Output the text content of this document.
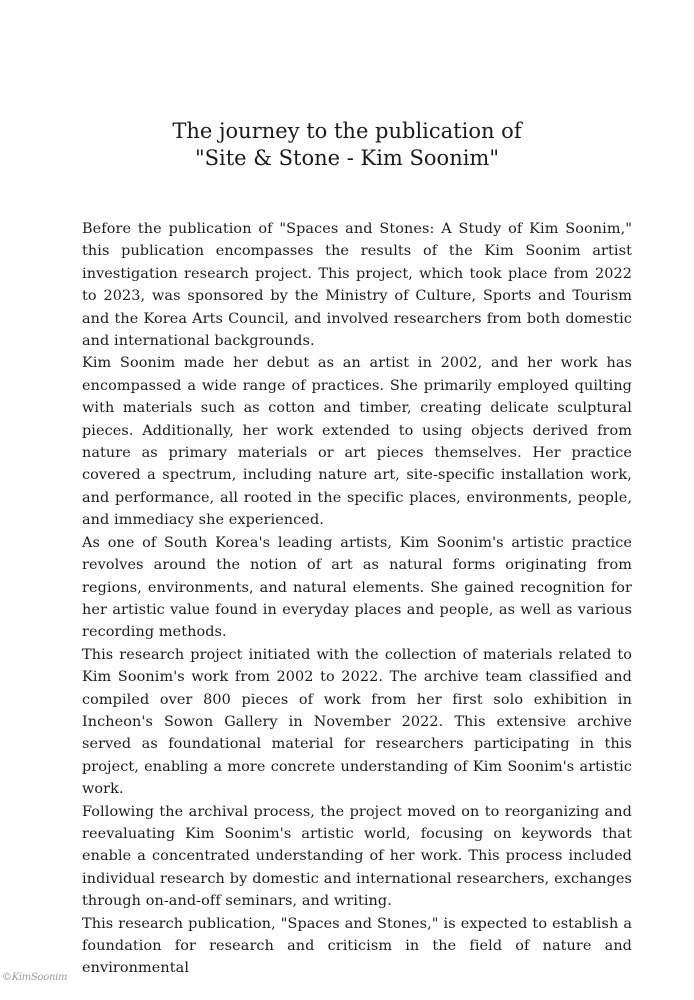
The journey to the publication of
"Site & Stone - Kim Soonim"

Before the publication of "Spaces and Stones: A Study of Kim Soonim," this publication encompasses the results of the Kim Soonim artist investigation research project. This project, which took place from 2022 to 2023, was sponsored by the Ministry of Culture, Sports and Tourism and the Korea Arts Council, and involved researchers from both domestic and international backgrounds.

Kim Soonim made her debut as an artist in 2002, and her work has encompassed a wide range of practices. She primarily employed quilting with materials such as cotton and timber, creating delicate sculptural pieces. Additionally, her work extended to using objects derived from nature as primary materials or art pieces themselves. Her practice covered a spectrum, including nature art, site-specific installation work, and performance, all rooted in the specific places, environments, people, and immediacy she experienced.

As one of South Korea's leading artists, Kim Soonim's artistic practice revolves around the notion of art as natural forms originating from regions, environments, and natural elements. She gained recognition for her artistic value found in everyday places and people, as well as various recording methods.

This research project initiated with the collection of materials related to Kim Soonim's work from 2002 to 2022. The archive team classified and compiled over 800 pieces of work from her first solo exhibition in Incheon's Sowon Gallery in November 2022. This extensive archive served as foundational material for researchers participating in this project, enabling a more concrete understanding of Kim Soonim's artistic work.

Following the archival process, the project moved on to reorganizing and reevaluating Kim Soonim's artistic world, focusing on keywords that enable a concentrated understanding of her work. This process included individual research by domestic and international researchers, exchanges through on-and-off seminars, and writing.

This research publication, "Spaces and Stones," is expected to establish a foundation for research and criticism in the field of nature and environmental

©KimSoonim
